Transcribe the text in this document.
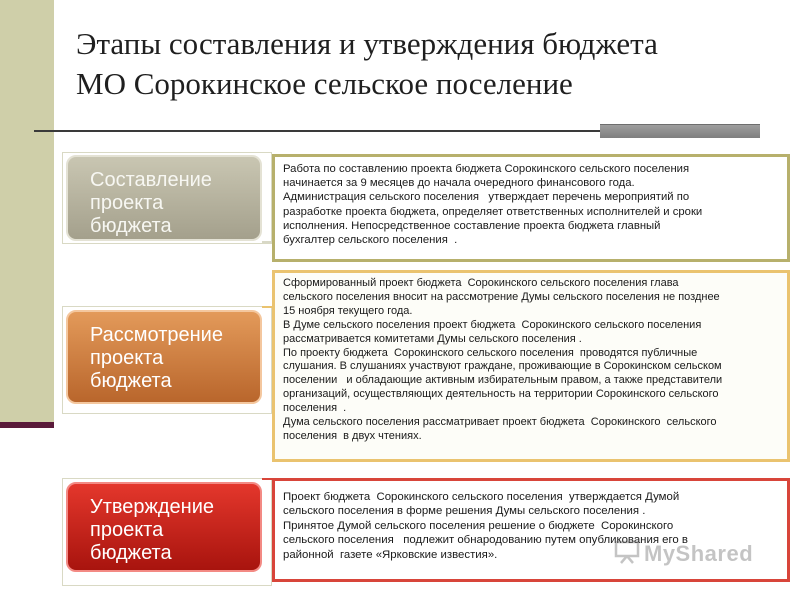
Этапы составления и утверждения бюджета
МО Сорокинское сельское поселение
Составление
проекта
бюджета

Работа по составлению проекта бюджета Сорокинского сельского поселения
начинается за 9 месяцев до начала очередного финансового года.
Администрация сельского поселения   утверждает перечень мероприятий по
разработке проекта бюджета, определяет ответственных исполнителей и сроки
исполнения. Непосредственное составление проекта бюджета главный
бухгалтер сельского поселения  .

Рассмотрение
проекта
бюджета

Сформированный проект бюджета  Сорокинского сельского поселения глава
сельского поселения вносит на рассмотрение Думы сельского поселения не позднее
15 ноября текущего года.
В Думе сельского поселения проект бюджета  Сорокинского сельского поселения
рассматривается комитетами Думы сельского поселения .
По проекту бюджета  Сорокинского сельского поселения  проводятся публичные
слушания. В слушаниях участвуют граждане, проживающие в Сорокинском сельском
поселении   и обладающие активным избирательным правом, а также представители
организаций, осуществляющих деятельность на территории Сорокинского сельского
поселения  .
Дума сельского поселения рассматривает проект бюджета  Сорокинского  сельского
поселения  в двух чтениях.

Утверждение
проекта
бюджета

Проект бюджета  Сорокинского сельского поселения  утверждается Думой
сельского поселения в форме решения Думы сельского поселения .
Принятое Думой сельского поселения решение о бюджете  Сорокинского
сельского поселения   подлежит обнародованию путем опубликования его в
районной  газете «Ярковские известия».	MyShared
